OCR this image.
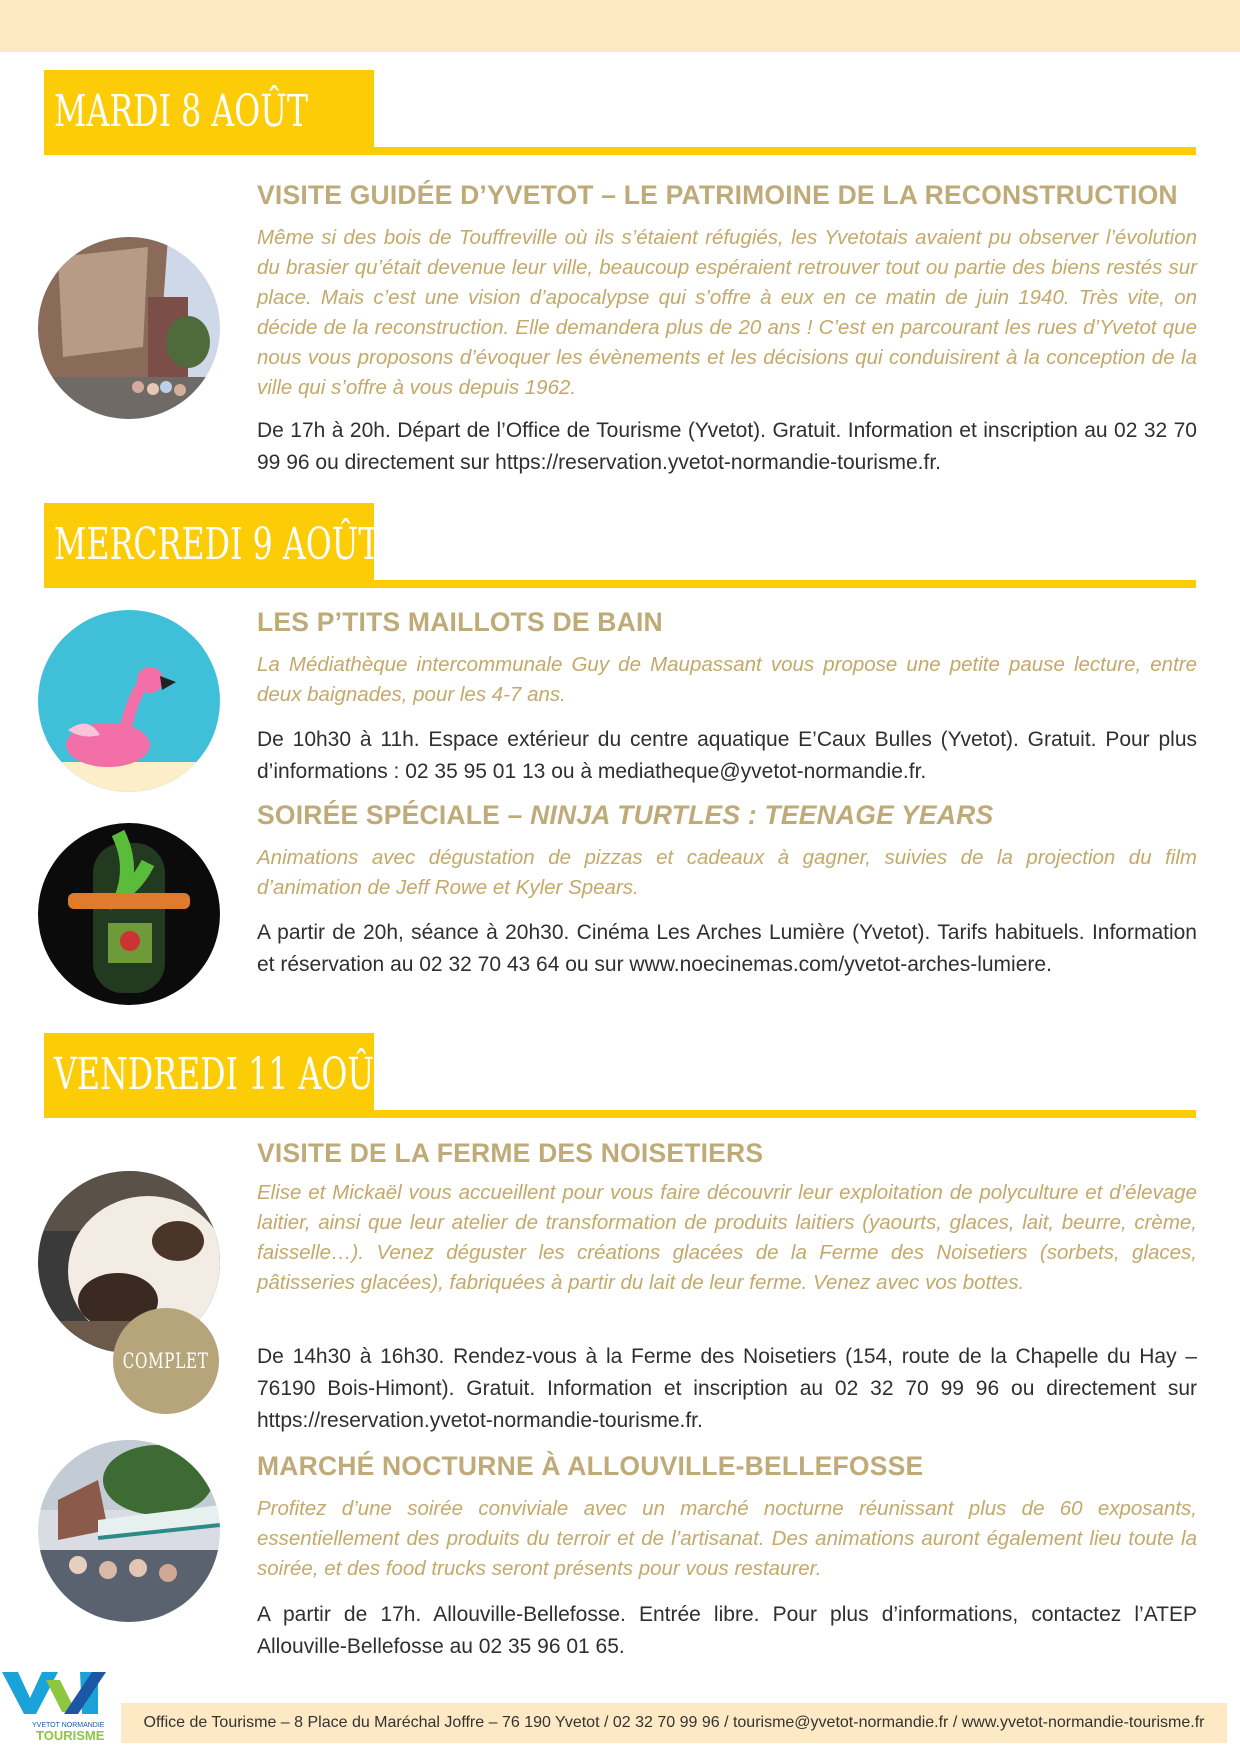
MARDI 8 AOÛT
VISITE GUIDÉE D’YVETOT – LE PATRIMOINE DE LA RECONSTRUCTION

Même si des bois de Touffreville où ils s’étaient réfugiés, les Yvetotais avaient pu observer l’évolution du brasier qu’était devenue leur ville, beaucoup espéraient retrouver tout ou partie des biens restés sur place. Mais c’est une vision d’apocalypse qui s’offre à eux en ce matin de juin 1940. Très vite, on décide de la reconstruction. Elle demandera plus de 20 ans ! C’est en parcourant les rues d’Yvetot que nous vous proposons d’évoquer les évènements et les décisions qui conduisirent à la conception de la ville qui s’offre à vous depuis 1962.

De 17h à 20h. Départ de l’Office de Tourisme (Yvetot). Gratuit. Information et inscription au 02 32 70 99 96 ou directement sur https://reservation.yvetot-normandie-tourisme.fr.

MERCREDI 9 AOÛT
LES P’TITS MAILLOTS DE BAIN

La Médiathèque intercommunale Guy de Maupassant vous propose une petite pause lecture, entre deux baignades, pour les 4-7 ans.

De 10h30 à 11h. Espace extérieur du centre aquatique E’Caux Bulles (Yvetot). Gratuit. Pour plus d’informations : 02 35 95 01 13 ou à mediatheque@yvetot-normandie.fr.

SOIRÉE SPÉCIALE – NINJA TURTLES : TEENAGE YEARS

Animations avec dégustation de pizzas et cadeaux à gagner, suivies de la projection du film d’animation de Jeff Rowe et Kyler Spears.

A partir de 20h, séance à 20h30. Cinéma Les Arches Lumière (Yvetot). Tarifs habituels. Information et réservation au 02 32 70 43 64 ou sur www.noecinemas.com/yvetot-arches-lumiere.

VENDREDI 11 AOÛT
COMPLET
VISITE DE LA FERME DES NOISETIERS

Elise et Mickaël vous accueillent pour vous faire découvrir leur exploitation de polyculture et d’élevage laitier, ainsi que leur atelier de transformation de produits laitiers (yaourts, glaces, lait, beurre, crème, faisselle…). Venez déguster les créations glacées de la Ferme des Noisetiers (sorbets, glaces, pâtisseries glacées), fabriquées à partir du lait de leur ferme. Venez avec vos bottes.

De 14h30 à 16h30. Rendez-vous à la Ferme des Noisetiers (154, route de la Chapelle du Hay – 76190 Bois-Himont). Gratuit. Information et inscription au 02 32 70 99 96 ou directement sur https://reservation.yvetot-normandie-tourisme.fr.

MARCHÉ NOCTURNE À ALLOUVILLE-BELLEFOSSE

Profitez d’une soirée conviviale avec un marché nocturne réunissant plus de 60 exposants, essentiellement des produits du terroir et de l’artisanat. Des animations auront également lieu toute la soirée, et des food trucks seront présents pour vous restaurer.

A partir de 17h. Allouville-Bellefosse. Entrée libre. Pour plus d’informations, contactez l’ATEP Allouville-Bellefosse au 02 35 96 01 65.

YVETOT NORMANDIE
TOURISME
Office de Tourisme – 8 Place du Maréchal Joffre – 76 190 Yvetot / 02 32 70 99 96 / tourisme@yvetot-normandie.fr / www.yvetot-normandie-tourisme.fr
